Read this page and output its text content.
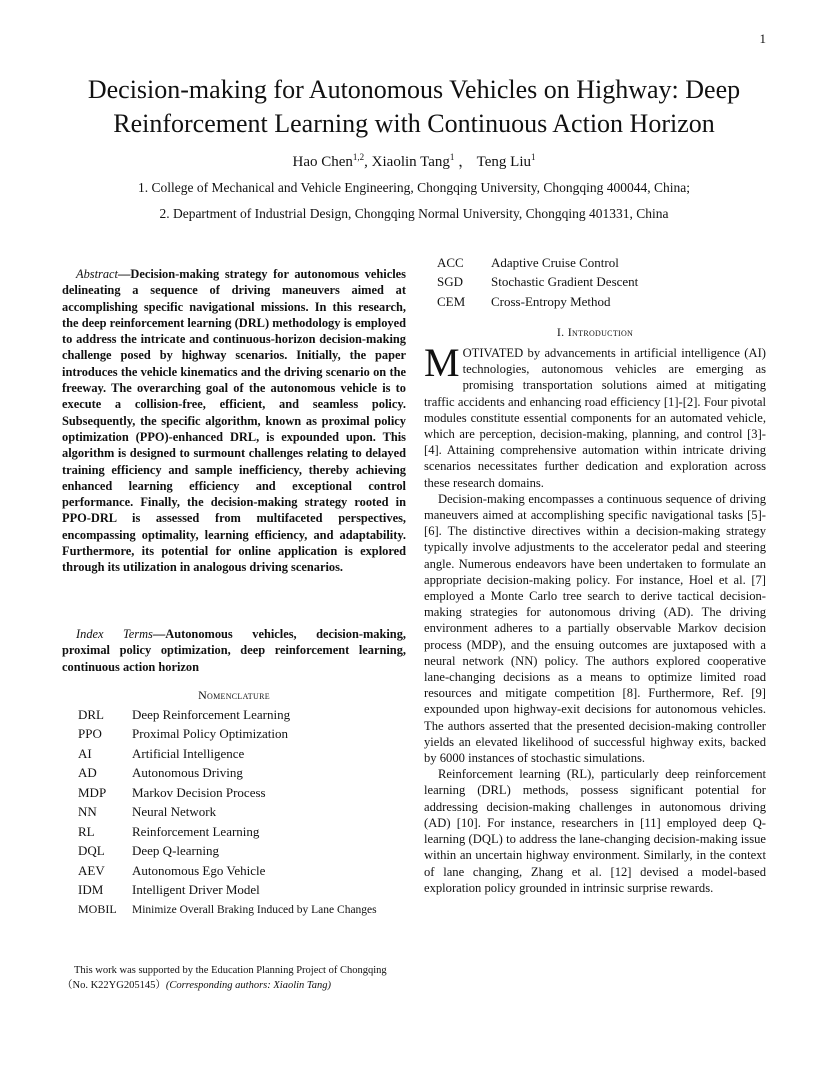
1
Decision-making for Autonomous Vehicles on Highway: Deep
Reinforcement Learning with Continuous Action Horizon
Hao Chen$^{1,2}$, Xiaolin Tang$^1$ ， Teng Liu$^1$
1. College of Mechanical and Vehicle Engineering, Chongqing University, Chongqing 400044, China;
2. Department of Industrial Design, Chongqing Normal University, Chongqing 401331, China
Abstract—Decision-making strategy for autonomous vehicles delineating a sequence of driving maneuvers aimed at accomplishing specific navigational missions. In this research, the deep reinforcement learning (DRL) methodology is employed to address the intricate and continuous-horizon decision-making challenge posed by highway scenarios. Initially, the paper introduces the vehicle kinematics and the driving scenario on the freeway. The overarching goal of the autonomous vehicle is to execute a collision-free, efficient, and seamless policy. Subsequently, the specific algorithm, known as proximal policy optimization (PPO)-enhanced DRL, is expounded upon. This algorithm is designed to surmount challenges relating to delayed training efficiency and sample inefficiency, thereby achieving enhanced learning efficiency and exceptional control performance. Finally, the decision-making strategy rooted in PPO-DRL is assessed from multifaceted perspectives, encompassing optimality, learning efficiency, and adaptability. Furthermore, its potential for online application is explored through its utilization in analogous driving scenarios.
Index Terms—Autonomous vehicles, decision-making, proximal policy optimization, deep reinforcement learning, continuous action horizon
Nomenclature
DRL	Deep Reinforcement Learning
PPO	Proximal Policy Optimization
AI	Artificial Intelligence
AD	Autonomous Driving
MDP	Markov Decision Process
NN	Neural Network
RL	Reinforcement Learning
DQL	Deep Q-learning
AEV	Autonomous Ego Vehicle
IDM	Intelligent Driver Model
MOBIL	Minimize Overall Braking Induced by Lane Changes
ACC	Adaptive Cruise Control
SGD	Stochastic Gradient Descent
CEM	Cross-Entropy Method
I. Introduction

MOTIVATED by advancements in artificial intelligence (AI) technologies, autonomous vehicles are emerging as promising transportation solutions aimed at mitigating traffic accidents and enhancing road efficiency [1]-[2]. Four pivotal modules constitute essential components for an automated vehicle, which are perception, decision-making, planning, and control [3]-[4]. Attaining comprehensive automation within intricate driving scenarios necessitates further dedication and exploration across these research domains.

Decision-making encompasses a continuous sequence of driving maneuvers aimed at accomplishing specific navigational tasks [5]-[6]. The distinctive directives within a decision-making strategy typically involve adjustments to the accelerator pedal and steering angle. Numerous endeavors have been undertaken to formulate an appropriate decision-making policy. For instance, Hoel et al. [7] employed a Monte Carlo tree search to derive tactical decision-making strategies for autonomous driving (AD). The driving environment adheres to a partially observable Markov decision process (MDP), and the ensuing outcomes are juxtaposed with a neural network (NN) policy. The authors explored cooperative lane-changing decisions as a means to optimize limited road resources and mitigate competition [8]. Furthermore, Ref. [9] expounded upon highway-exit decisions for autonomous vehicles. The authors asserted that the presented decision-making controller yields an elevated likelihood of successful highway exits, backed by 6000 instances of stochastic simulations.

Reinforcement learning (RL), particularly deep reinforcement learning (DRL) methods, possess significant potential for addressing decision-making challenges in autonomous driving (AD) [10]. For instance, researchers in [11] employed deep Q-learning (DQL) to address the lane-changing decision-making issue within an uncertain highway environment. Similarly, in the context of lane changing, Zhang et al. [12] devised a model-based exploration policy grounded in intrinsic surprise rewards.

This work was supported by the Education Planning Project of Chongqing
（No. K22YG205145）(Corresponding authors: Xiaolin Tang)
